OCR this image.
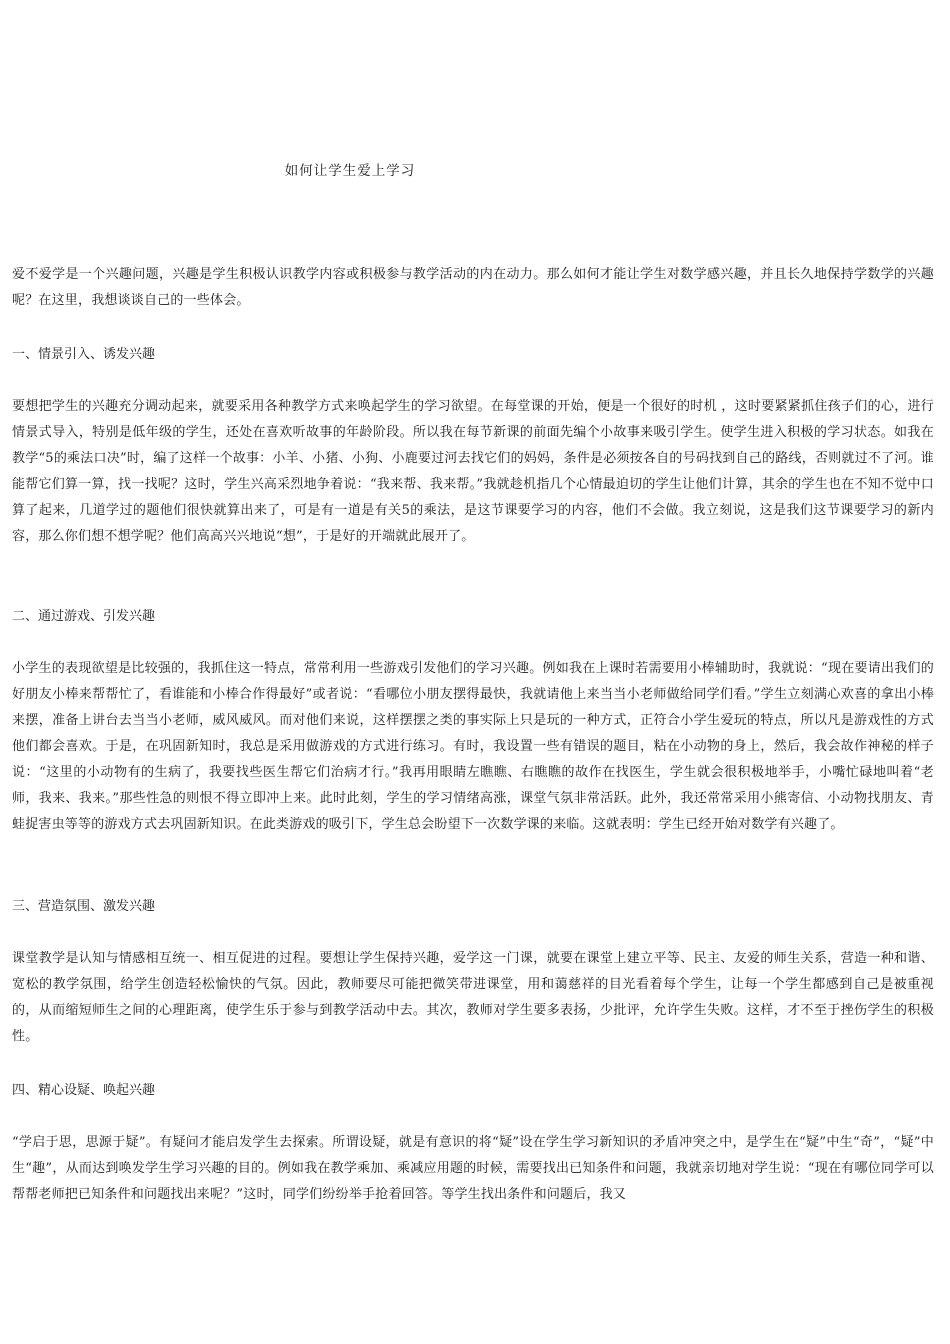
如何让学生爱上学习

爱不爱学是一个兴趣问题，兴趣是学生积极认识教学内容或积极参与教学活动的内在动力。那么如何才能让学生对数学感兴趣，并且长久地保持学数学的兴趣呢？在这里，我想谈谈自己的一些体会。

一、情景引入、诱发兴趣

要想把学生的兴趣充分调动起来，就要采用各种教学方式来唤起学生的学习欲望。在每堂课的开始，便是一个很好的时机 ，这时要紧紧抓住孩子们的心，进行情景式导入，特别是低年级的学生，还处在喜欢听故事的年龄阶段。所以我在每节新课的前面先编个小故事来吸引学生。使学生进入积极的学习状态。如我在教学“5的乘法口决”时，编了这样一个故事：小羊、小猪、小狗、小鹿要过河去找它们的妈妈，条件是必须按各自的号码找到自己的路线，否则就过不了河。谁能帮它们算一算，找一找呢？这时，学生兴高采烈地争着说：“我来帮、我来帮。”我就趁机指几个心情最迫切的学生让他们计算，其余的学生也在不知不觉中口算了起来，几道学过的题他们很快就算出来了，可是有一道是有关5的乘法，是这节课要学习的内容，他们不会做。我立刻说，这是我们这节课要学习的新内容，那么你们想不想学呢？他们高高兴兴地说“想”，于是好的开端就此展开了。

二、通过游戏、引发兴趣

小学生的表现欲望是比较强的，我抓住这一特点，常常利用一些游戏引发他们的学习兴趣。例如我在上课时若需要用小棒辅助时，我就说：“现在要请出我们的好朋友小棒来帮帮忙了，看谁能和小棒合作得最好”或者说：“看哪位小朋友摆得最快，我就请他上来当当小老师做给同学们看。”学生立刻满心欢喜的拿出小棒来摆，准备上讲台去当当小老师，威风威风。而对他们来说，这样摆摆之类的事实际上只是玩的一种方式，正符合小学生爱玩的特点，所以凡是游戏性的方式他们都会喜欢。于是，在巩固新知时，我总是采用做游戏的方式进行练习。有时，我设置一些有错误的题目，粘在小动物的身上，然后，我会故作神秘的样子说：“这里的小动物有的生病了，我要找些医生帮它们治病才行。”我再用眼睛左瞧瞧、右瞧瞧的故作在找医生，学生就会很积极地举手，小嘴忙碌地叫着“老师，我来、我来。”那些性急的则恨不得立即冲上来。此时此刻，学生的学习情绪高涨，课堂气氛非常活跃。此外，我还常常采用小熊寄信、小动物找朋友、青蛙捉害虫等等的游戏方式去巩固新知识。在此类游戏的吸引下，学生总会盼望下一次数学课的来临。这就表明：学生已经开始对数学有兴趣了。

三、营造氛围、激发兴趣

课堂教学是认知与情感相互统一、相互促进的过程。要想让学生保持兴趣，爱学这一门课，就要在课堂上建立平等、民主、友爱的师生关系，营造一种和谐、宽松的教学氛围，给学生创造轻松愉快的气氛。因此，教师要尽可能把微笑带进课堂，用和蔼慈祥的目光看着每个学生，让每一个学生都感到自己是被重视的，从而缩短师生之间的心理距离，使学生乐于参与到教学活动中去。其次，教师对学生要多表扬，少批评，允许学生失败。这样，才不至于挫伤学生的积极性。

四、精心设疑、唤起兴趣

“学启于思，思源于疑”。有疑问才能启发学生去探索。所谓设疑，就是有意识的将“疑”设在学生学习新知识的矛盾冲突之中，是学生在“疑”中生“奇”，“疑”中生“趣”，从而达到唤发学生学习兴趣的目的。例如我在教学乘加、乘减应用题的时候，需要找出已知条件和问题，我就亲切地对学生说：“现在有哪位同学可以帮帮老师把已知条件和问题找出来呢？”这时，同学们纷纷举手抢着回答。等学生找出条件和问题后，我又
